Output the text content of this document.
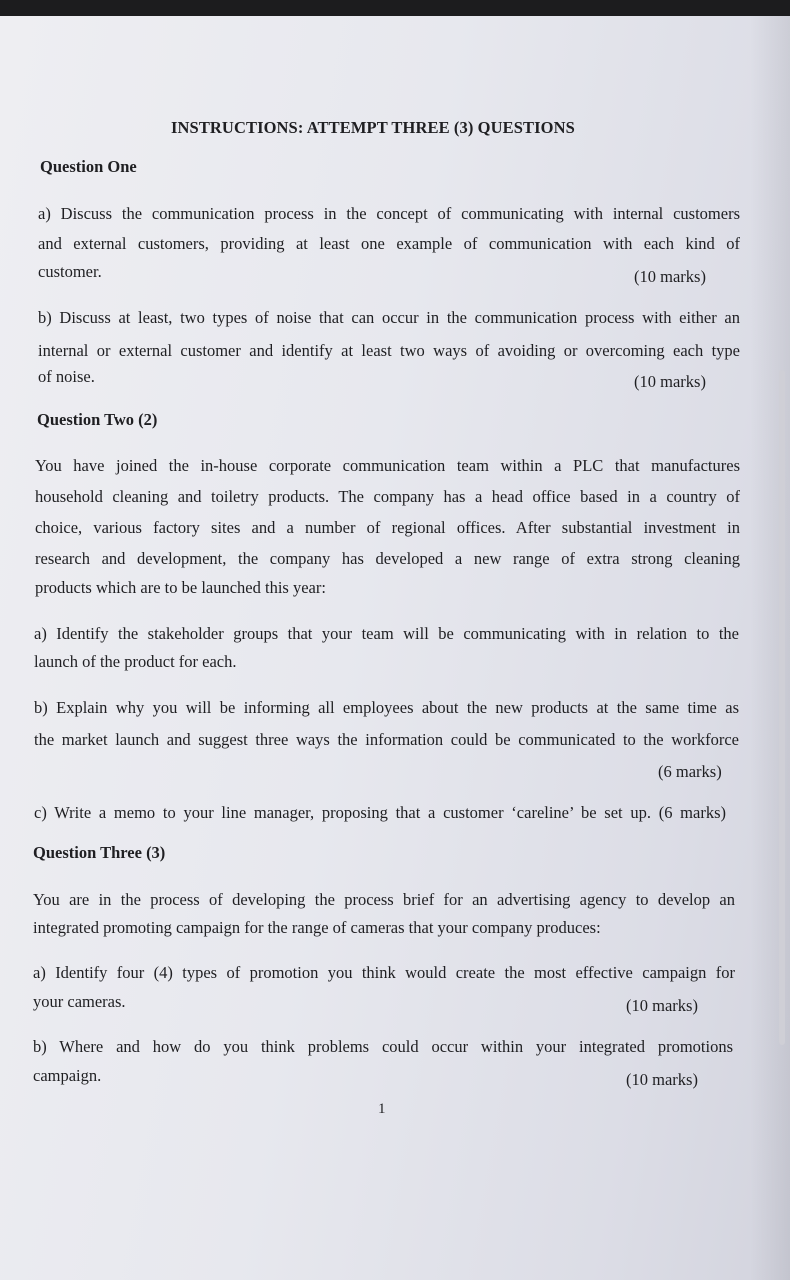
INSTRUCTIONS: ATTEMPT THREE (3) QUESTIONS

Question One

a) Discuss the communication process in the concept of communicating with internal customers

and external customers, providing at least one example of communication with each kind of

customer.	(10 marks)

b) Discuss at least, two types of noise that can occur in the communication process with either an

internal or external customer and identify at least two ways of avoiding or overcoming each type

of noise.	(10 marks)

Question Two (2)

You have joined the in-house corporate communication team within a PLC that manufactures

household cleaning and toiletry products. The company has a head office based in a country of

choice, various factory sites and a number of regional offices. After substantial investment in

research and development, the company has developed a new range of extra strong cleaning

products which are to be launched this year:

a) Identify the stakeholder groups that your team will be communicating with in relation to the

launch of the product for each.

b) Explain why you will be informing all employees about the new products at the same time as

the market launch and suggest three ways the information could be communicated to the workforce

(6 marks)

c) Write a memo to your line manager, proposing that a customer ‘careline’ be set up. (6 marks)

Question Three (3)

You are in the process of developing the process brief for an advertising agency to develop an

integrated promoting campaign for the range of cameras that your company produces:

a) Identify four (4) types of promotion you think would create the most effective campaign for

your cameras.	(10 marks)

b) Where and how do you think problems could occur within your integrated promotions

campaign.	(10 marks)

1
